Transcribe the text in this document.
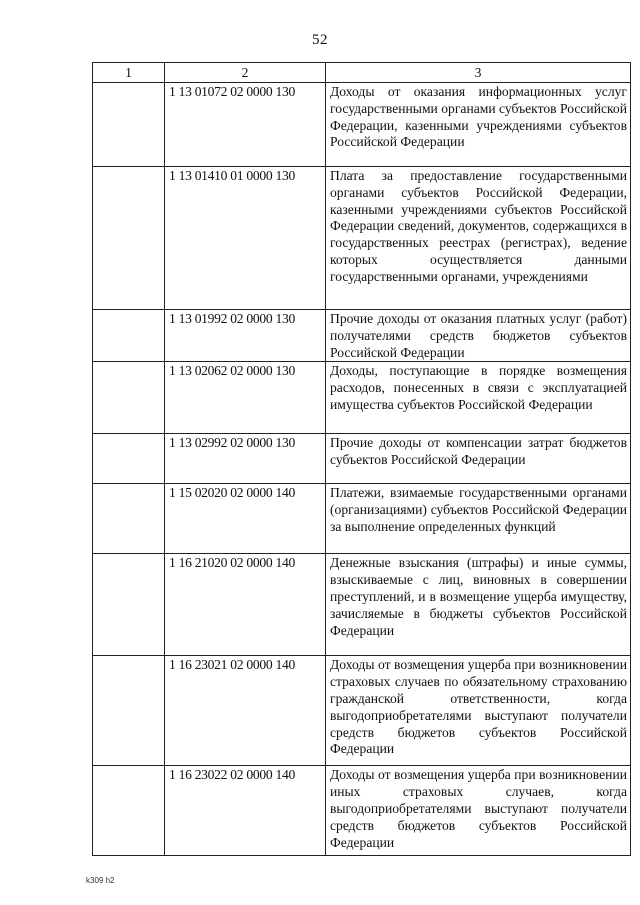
52
1	2	3
	1 13 01072 02 0000 130	Доходы от оказания информационных услуг государственными органами субъектов Российской Федерации, казенными учреждениями субъектов Российской Федерации
	1 13 01410 01 0000 130	Плата за предоставление государственными органами субъектов Российской Федерации, казенными учреждениями субъектов Российской Федерации сведений, документов, содержащихся в государственных реестрах (регистрах), ведение которых осуществляется данными государственными органами, учреждениями
	1 13 01992 02 0000 130	Прочие доходы от оказания платных услуг (работ) получателями средств бюджетов субъектов Российской Федерации
	1 13 02062 02 0000 130	Доходы, поступающие в порядке возмещения расходов, понесенных в связи с эксплуатацией имущества субъектов Российской Федерации
	1 13 02992 02 0000 130	Прочие доходы от компенсации затрат бюджетов субъектов Российской Федерации
	1 15 02020 02 0000 140	Платежи, взимаемые государственными органами (организациями) субъектов Российской Федерации за выполнение определенных функций
	1 16 21020 02 0000 140	Денежные взыскания (штрафы) и иные суммы, взыскиваемые с лиц, виновных в совершении преступлений, и в возмещение ущерба имуществу, зачисляемые в бюджеты субъектов Российской Федерации
	1 16 23021 02 0000 140	Доходы от возмещения ущерба при возникновении страховых случаев по обязательному страхованию гражданской ответственности, когда выгодоприобретателями выступают получатели средств бюджетов субъектов Российской Федерации
	1 16 23022 02 0000 140	Доходы от возмещения ущерба при возникновении иных страховых случаев, когда выгодоприобретателями выступают получатели средств бюджетов субъектов Российской Федерации
k309 h2
